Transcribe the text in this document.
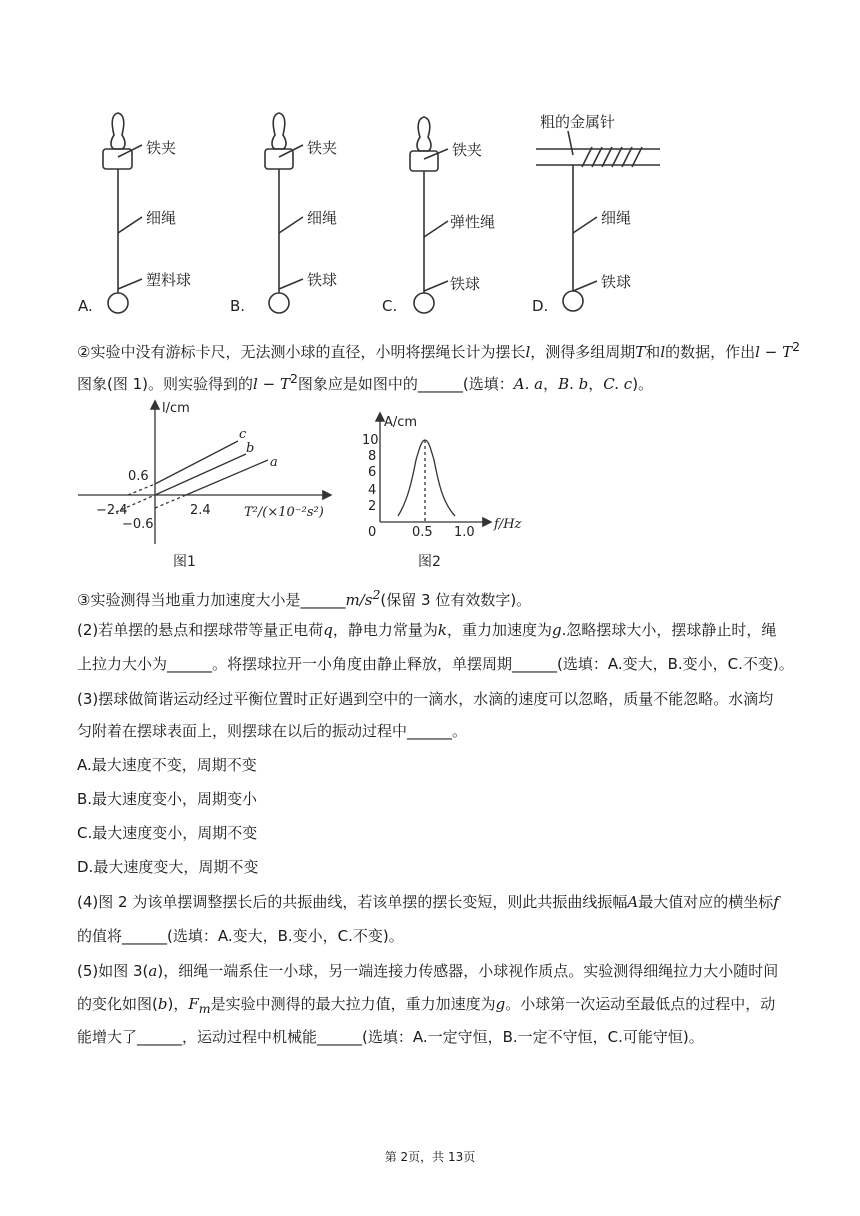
铁夹
细绳
塑料球
A.
铁夹
细绳
铁球
B.
铁夹
弹性绳
铁球
C.
粗的金属针
细绳
铁球
D.
②实验中没有游标卡尺，无法测小球的直径，小明将摆绳长计为摆长l，测得多组周期T和l的数据，作出$l - T^2$
图象(图 1)。则实验得到的$l - T^2$图象应是如图中的______(选填：A. a，B. b，C. c)。
l/cm
T²/(×10⁻²s²)
0.6
−0.6
−2.4	2.4
a
b
c
图1
A/cm
f/Hz
10
8
6
4
2
0	0.5 1.0
图2
③实验测得当地重力加速度大小是$\_\_\_\_\_\_m/s^2$(保留 3 位有效数字)。
(2)若单摆的悬点和摆球带等量正电荷q，静电力常量为k，重力加速度为g.忽略摆球大小，摆球静止时，绳
上拉力大小为______。将摆球拉开一小角度由静止释放，单摆周期______(选填：A.变大，B.变小，C.不变)。
(3)摆球做简谐运动经过平衡位置时正好遇到空中的一滴水，水滴的速度可以忽略，质量不能忽略。水滴均
匀附着在摆球表面上，则摆球在以后的振动过程中______。
A.最大速度不变，周期不变
B.最大速度变小，周期变小
C.最大速度变小，周期不变
D.最大速度变大，周期不变
(4)图 2 为该单摆调整摆长后的共振曲线，若该单摆的摆长变短，则此共振曲线振幅A最大值对应的横坐标f
的值将______(选填：A.变大，B.变小，C.不变)。
(5)如图 3(a)，细绳一端系住一小球，另一端连接力传感器，小球视作质点。实验测得细绳拉力大小随时间
的变化如图(b)，$F_m$是实验中测得的最大拉力值，重力加速度为g。小球第一次运动至最低点的过程中，动
能增大了______，运动过程中机械能______(选填：A.一定守恒，B.一定不守恒，C.可能守恒)。
第 2页，共 13页
